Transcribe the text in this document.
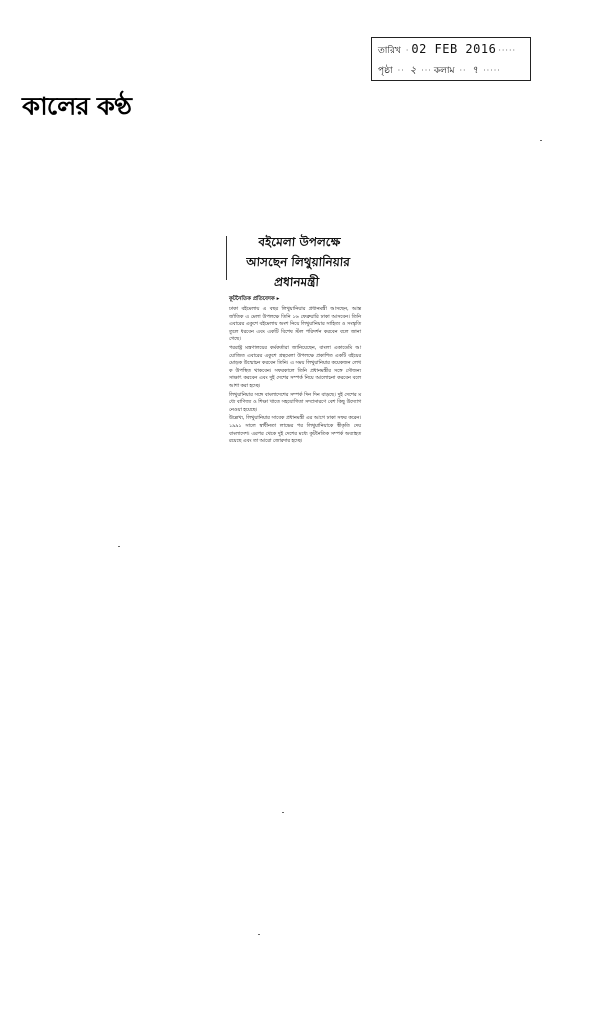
তারিখ · 02 FEB 2016 ·····
পৃষ্ঠা ·· ২ ··· কলাম ·· ৭ ·····
কালের কণ্ঠ
বইমেলা উপলক্ষে
আসছেন লিথুয়ানিয়ার
প্রধানমন্ত্রী
কূটনৈতিক প্রতিবেদক ▸

ঢাকা বইমেলায় এ বছর লিথুয়ানিয়ার প্রধানমন্ত্রী আসছেন, আন্তর্জাতিক এ মেলা উপলক্ষে তিনি ১৬ ফেব্রুয়ারি ঢাকা আসবেন। তিনি এবারের একুশে বইমেলায় অংশ নিয়ে লিথুয়ানিয়ার সাহিত্য ও সংস্কৃতি তুলে ধরবেন এবং একটি বিশেষ স্টল পরিদর্শন করবেন বলে জানা গেছে।

পররাষ্ট্র মন্ত্রণালয়ের কর্মকর্তারা জানিয়েছেন, বাংলা একাডেমি আয়োজিত এবারের একুশে গ্রন্থমেলা উপলক্ষে প্রকাশিত একটি বইয়ের মোড়ক উন্মোচন করবেন তিনি। এ সময় লিথুয়ানিয়ার কয়েকজন লেখক উপস্থিত থাকবেন। সফরকালে তিনি প্রধানমন্ত্রীর সঙ্গে সৌজন্য সাক্ষাৎ করবেন এবং দুই দেশের সম্পর্ক নিয়ে আলোচনা করবেন বলে আশা করা হচ্ছে।

লিথুয়ানিয়ার সঙ্গে বাংলাদেশের সম্পর্ক দিন দিন বাড়ছে। দুই দেশের মধ্যে বাণিজ্য ও শিক্ষা খাতে সহযোগিতা সম্প্রসারণে বেশ কিছু উদ্যোগ নেওয়া হয়েছে।

উল্লেখ্য, লিথুয়ানিয়ার সাবেক প্রধানমন্ত্রী এর আগে ঢাকা সফর করেন। ১৯৯১ সালে স্বাধীনতা লাভের পর লিথুয়ানিয়াকে স্বীকৃতি দেয় বাংলাদেশ। এরপর থেকে দুই দেশের মধ্যে কূটনৈতিক সম্পর্ক অব্যাহত রয়েছে এবং তা আরো জোরদার হচ্ছে।
